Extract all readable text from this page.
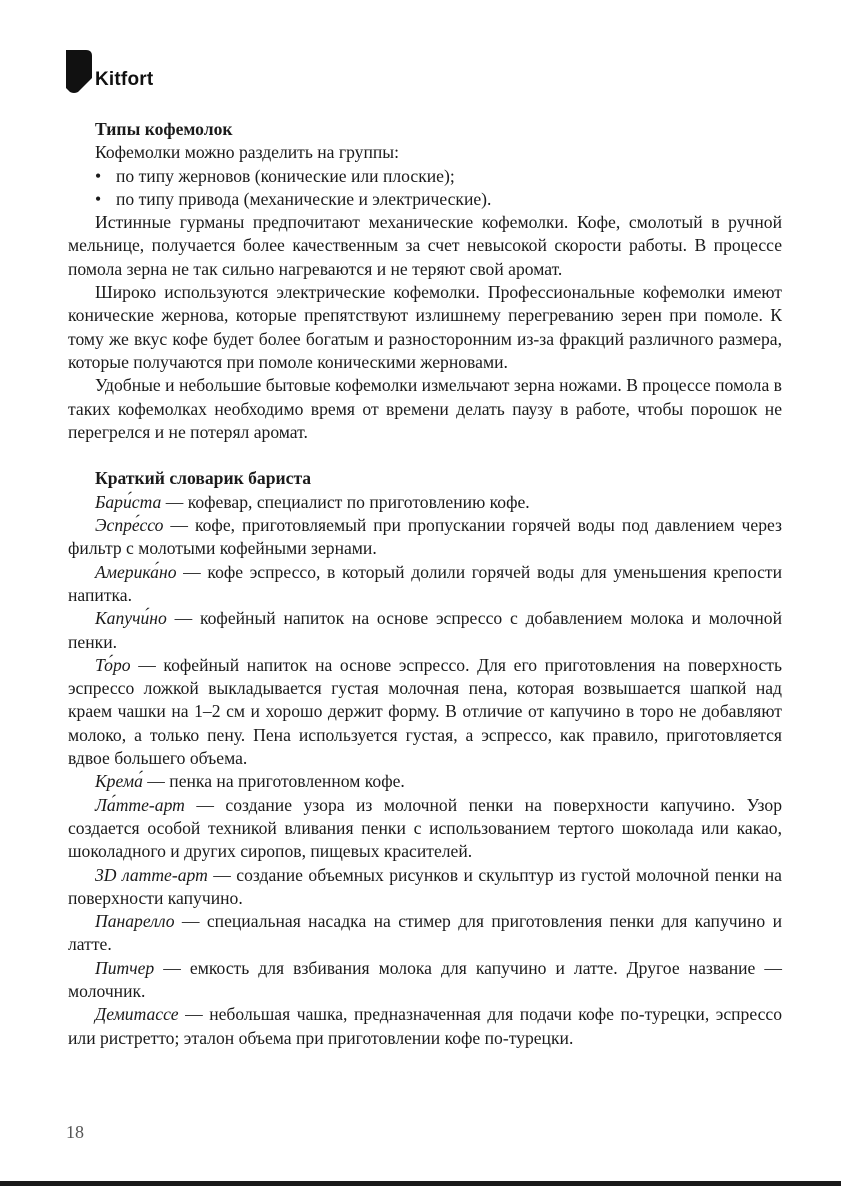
Kitfort
Типы кофемолок

Кофемолки можно разделить на группы:

• по типу жерновов (конические или плоские);
• по типу привода (механические и электрические).

Истинные гурманы предпочитают механические кофемолки. Кофе, смолотый в ручной мельнице, получается более качественным за счет невысокой скорости работы. В процессе помола зерна не так сильно нагреваются и не теряют свой аромат.

Широко используются электрические кофемолки. Профессиональные кофемолки имеют конические жернова, которые препятствуют излишнему перегреванию зерен при помоле. К тому же вкус кофе будет более богатым и разносторонним из-за фракций различного размера, которые получаются при помоле коническими жерновами.

Удобные и небольшие бытовые кофемолки измельчают зерна ножами. В процессе помола в таких кофемолках необходимо время от времени делать паузу в работе, чтобы порошок не перегрелся и не потерял аромат.

Краткий словарик бариста

Бари́ста — кофевар, специалист по приготовлению кофе.

Эспре́ссо — кофе, приготовляемый при пропускании горячей воды под давлением через фильтр с молотыми кофейными зернами.

Америка́но — кофе эспрессо, в который долили горячей воды для уменьшения крепости напитка.

Капучи́но — кофейный напиток на основе эспрессо с добавлением молока и молочной пенки.

То́ро — кофейный напиток на основе эспрессо. Для его приготовления на поверхность эспрессо ложкой выкладывается густая молочная пена, которая возвышается шапкой над краем чашки на 1–2 см и хорошо держит форму. В отличие от капучино в торо не добавляют молоко, а только пену. Пена используется густая, а эспрессо, как правило, приготовляется вдвое большего объема.

Крема́ — пенка на приготовленном кофе.

Ла́тте-арт — создание узора из молочной пенки на поверхности капучино. Узор создается особой техникой вливания пенки с использованием тертого шоколада или какао, шоколадного и других сиропов, пищевых красителей.

3D латте-арт — создание объемных рисунков и скульптур из густой молочной пенки на поверхности капучино.

Панарелло — специальная насадка на стимер для приготовления пенки для капучино и латте.

Питчер — емкость для взбивания молока для капучино и латте. Другое название — молочник.

Демитассе — небольшая чашка, предназначенная для подачи кофе по-турецки, эспрессо или ристретто; эталон объема при приготовлении кофе по-турецки.

18
